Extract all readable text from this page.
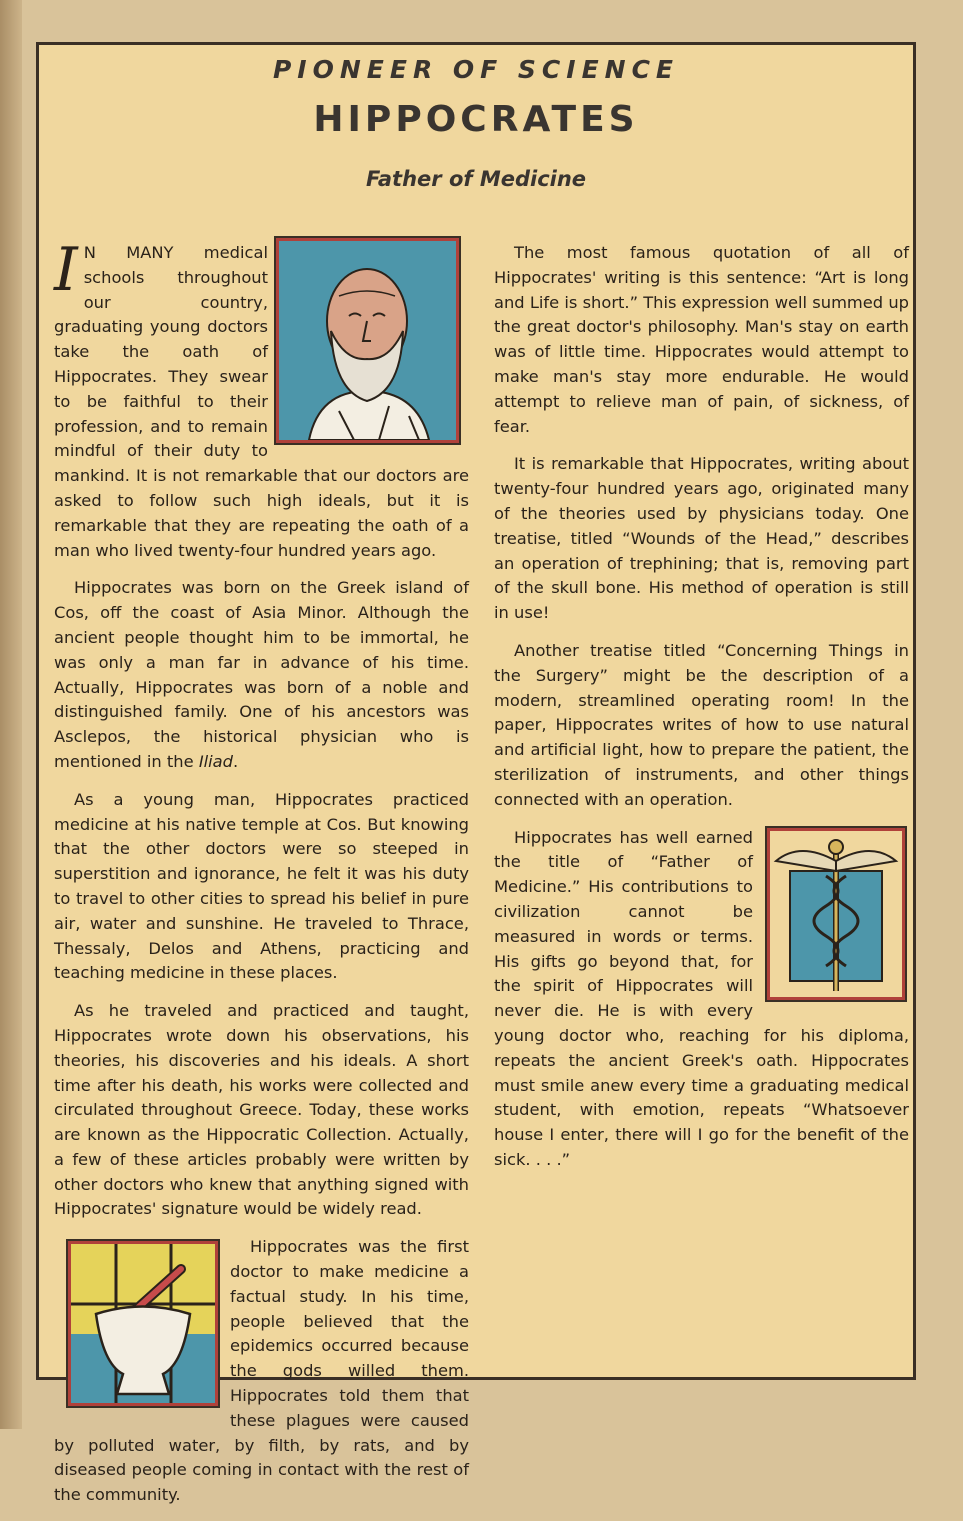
PIONEER OF SCIENCE
HIPPOCRATES
Father of Medicine

I N MANY medical schools throughout our country, graduating young doctors take the oath of Hippocrates. They swear to be faithful to their profession, and to remain mindful of their duty to mankind. It is not remarkable that our doctors are asked to follow such high ideals, but it is remarkable that they are repeating the oath of a man who lived twenty-four hundred years ago.

Hippocrates was born on the Greek island of Cos, off the coast of Asia Minor. Although the ancient people thought him to be immortal, he was only a man far in advance of his time. Actually, Hippocrates was born of a noble and distinguished family. One of his ancestors was Asclepos, the historical physician who is mentioned in the Iliad.

As a young man, Hippocrates practiced medicine at his native temple at Cos. But knowing that the other doctors were so steeped in superstition and ignorance, he felt it was his duty to travel to other cities to spread his belief in pure air, water and sunshine. He traveled to Thrace, Thessaly, Delos and Athens, practicing and teaching medicine in these places.

As he traveled and practiced and taught, Hippocrates wrote down his observations, his theories, his discoveries and his ideals. A short time after his death, his works were collected and circulated throughout Greece. Today, these works are known as the Hippocratic Collection. Actually, a few of these articles probably were written by other doctors who knew that anything signed with Hippocrates' signature would be widely read.

Hippocrates was the first doctor to make medicine a factual study. In his time, people believed that the epidemics occurred because the gods willed them. Hippocrates told them that these plagues were caused by polluted water, by filth, by rats, and by diseased people coming in contact with the rest of the community.

The most famous quotation of all of Hippocrates' writing is this sentence: “Art is long and Life is short.” This expression well summed up the great doctor's philosophy. Man's stay on earth was of little time. Hippocrates would attempt to make man's stay more endurable. He would attempt to relieve man of pain, of sickness, of fear.

It is remarkable that Hippocrates, writing about twenty-four hundred years ago, originated many of the theories used by physicians today. One treatise, titled “Wounds of the Head,” describes an operation of trephining; that is, removing part of the skull bone. His method of operation is still in use!

Another treatise titled “Concerning Things in the Surgery” might be the description of a modern, streamlined operating room! In the paper, Hippocrates writes of how to use natural and artificial light, how to prepare the patient, the sterilization of instruments, and other things connected with an operation.

Hippocrates has well earned the title of “Father of Medicine.” His contributions to civilization cannot be measured in words or terms. His gifts go beyond that, for the spirit of Hippocrates will never die. He is with every young doctor who, reaching for his diploma, repeats the ancient Greek's oath. Hippocrates must smile anew every time a graduating medical student, with emotion, repeats “Whatsoever house I enter, there will I go for the benefit of the sick. . . .”
